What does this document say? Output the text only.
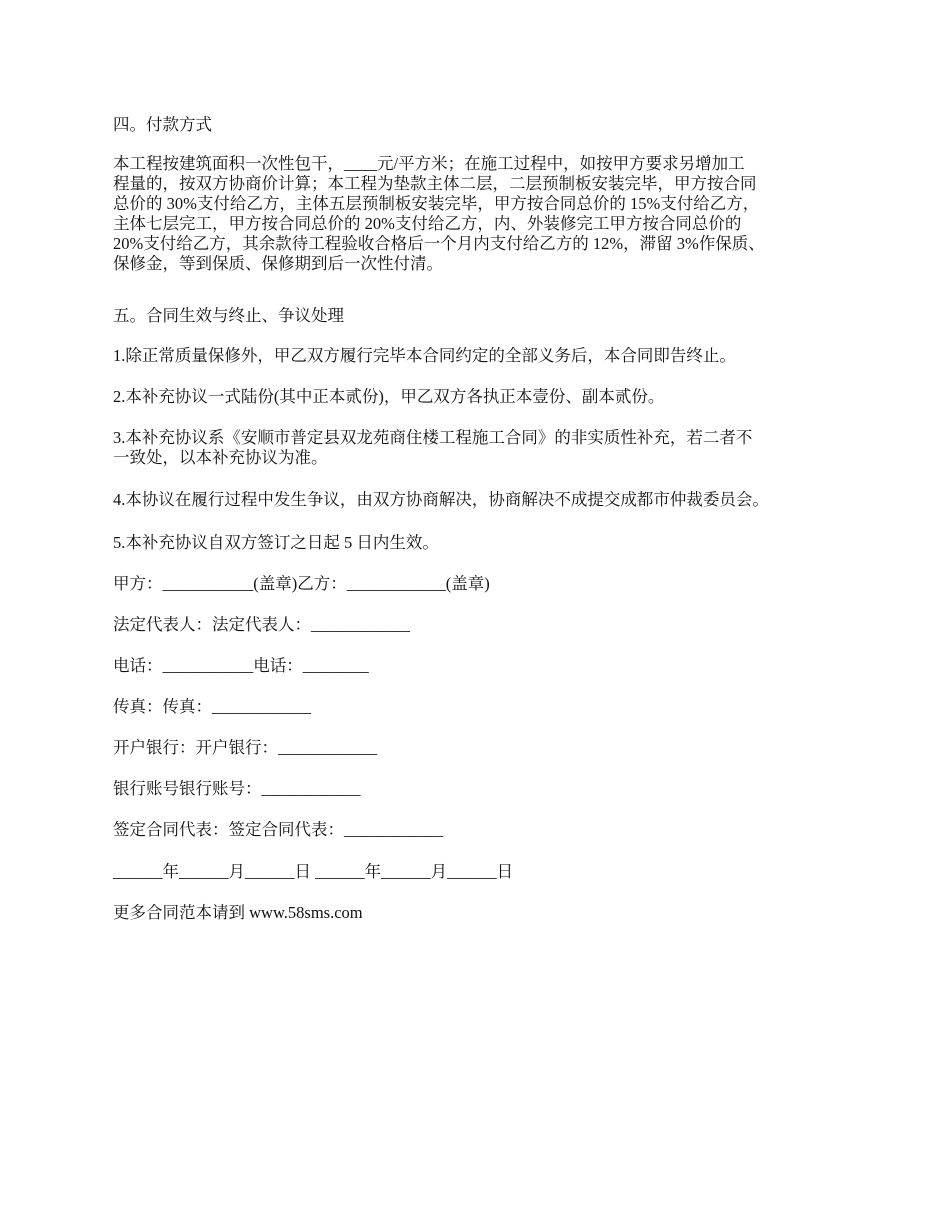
四。付款方式
本工程按建筑面积一次性包干，____元/平方米；在施工过程中，如按甲方要求另增加工
程量的，按双方协商价计算；本工程为垫款主体二层，二层预制板安装完毕，甲方按合同
总价的 30%支付给乙方，主体五层预制板安装完毕，甲方按合同总价的 15%支付给乙方，
主体七层完工，甲方按合同总价的 20%支付给乙方，内、外装修完工甲方按合同总价的
20%支付给乙方，其余款待工程验收合格后一个月内支付给乙方的 12%，滞留 3%作保质、
保修金，等到保质、保修期到后一次性付清。
五。合同生效与终止、争议处理
1.除正常质量保修外，甲乙双方履行完毕本合同约定的全部义务后，本合同即告终止。
2.本补充协议一式陆份(其中正本贰份)，甲乙双方各执正本壹份、副本贰份。
3.本补充协议系《安顺市普定县双龙苑商住楼工程施工合同》的非实质性补充，若二者不
一致处，以本补充协议为准。
4.本协议在履行过程中发生争议，由双方协商解决，协商解决不成提交成都市仲裁委员会。
5.本补充协议自双方签订之日起 5 日内生效。
甲方：___________(盖章)乙方：____________(盖章)
法定代表人：法定代表人：____________
电话：___________电话：________
传真：传真：____________
开户银行：开户银行：____________
银行账号银行账号：____________
签定合同代表：签定合同代表：____________
______年______月______日 ______年______月______日
更多合同范本请到 www.58sms.com
